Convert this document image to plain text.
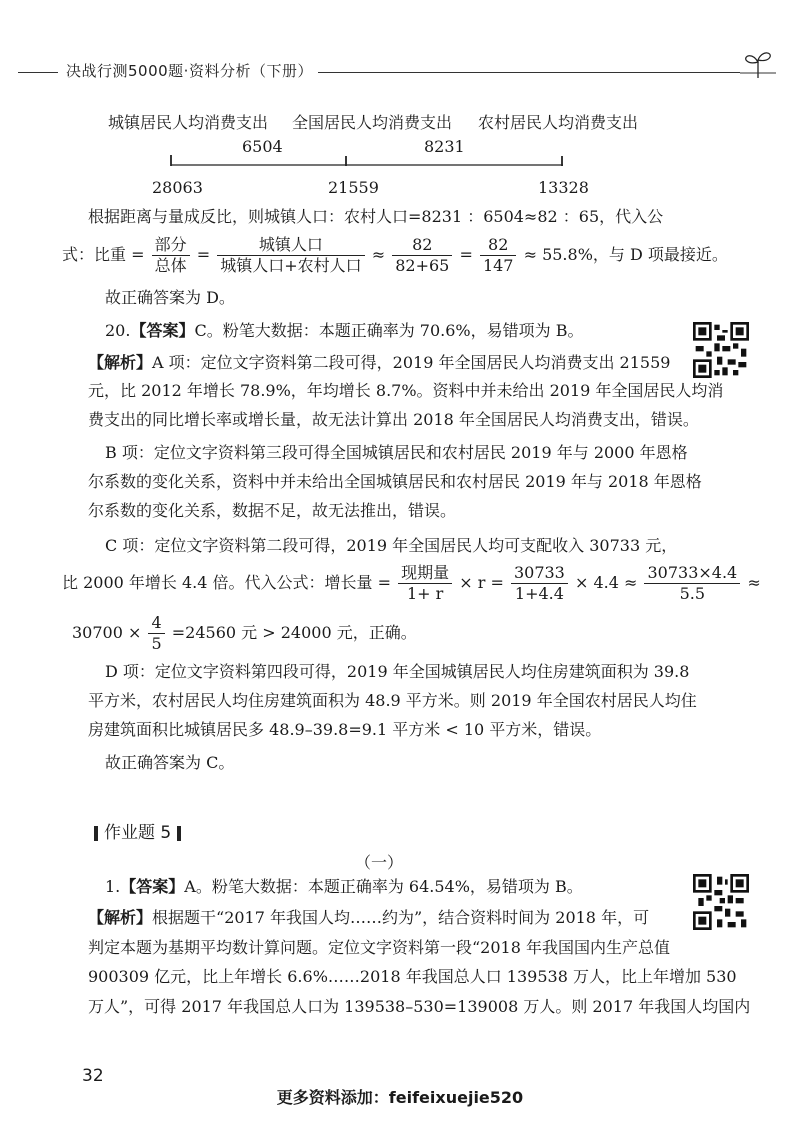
决战行测5000题·资料分析（下册）
城镇居民人均消费支出 全国居民人均消费支出 农村居民人均消费支出
6504	8231
28063	21559	13328
根据距离与量成反比，则城镇人口：农村人口=8231 ：6504≈82 ：65，代入公
式：比重 = $\frac{\text{部分}}{\text{总体}} = \frac{\text{城镇人口}}{\text{城镇人口+农村人口}} \approx \frac{82}{82+65} = \frac{82}{147} \approx 55.8\%$，与 D 项最接近。
故正确答案为 D。
20.【答案】C。粉笔大数据：本题正确率为 70.6%，易错项为 B。
【解析】A 项：定位文字资料第二段可得，2019 年全国居民人均消费支出 21559
元，比 2012 年增长 78.9%，年均增长 8.7%。资料中并未给出 2019 年全国居民人均消
费支出的同比增长率或增长量，故无法计算出 2018 年全国居民人均消费支出，错误。
B 项：定位文字资料第三段可得全国城镇居民和农村居民 2019 年与 2000 年恩格
尔系数的变化关系，资料中并未给出全国城镇居民和农村居民 2019 年与 2018 年恩格
尔系数的变化关系，数据不足，故无法推出，错误。
C 项：定位文字资料第二段可得，2019 年全国居民人均可支配收入 30733 元，
比 2000 年增长 4.4 倍。代入公式：增长量 = $\frac{\text{现期量}}{1+ r} \times r = \frac{30733}{1+4.4} \times 4.4 \approx \frac{30733\times 4.4}{5.5}$ ≈
$30700 \times \frac{4}{5} =24560$ 元 > 24000 元，正确。
D 项：定位文字资料第四段可得，2019 年全国城镇居民人均住房建筑面积为 39.8
平方米，农村居民人均住房建筑面积为 48.9 平方米。则 2019 年全国农村居民人均住
房建筑面积比城镇居民多 48.9–39.8=9.1 平方米 < 10 平方米，错误。
故正确答案为 C。
作业题 5
（一）
1.【答案】A。粉笔大数据：本题正确率为 64.54%，易错项为 B。
【解析】根据题干“2017 年我国人均……约为”，结合资料时间为 2018 年，可
判定本题为基期平均数计算问题。定位文字资料第一段“2018 年我国国内生产总值
900309 亿元，比上年增长 6.6%……2018 年我国总人口 139538 万人，比上年增加 530
万人”，可得 2017 年我国总人口为 139538–530=139008 万人。则 2017 年我国人均国内
32
更多资料添加：feifeixuejie520
